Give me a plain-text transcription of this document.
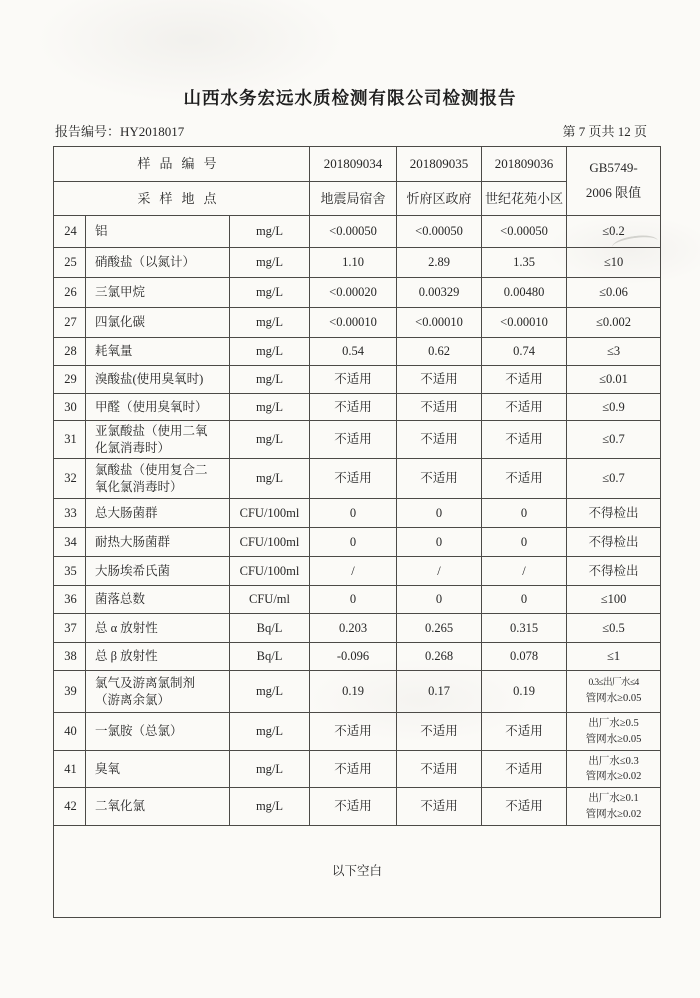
山西水务宏远水质检测有限公司检测报告
报告编号：HY2018017	第 7 页共 12 页
样品编号			201809034	201809035	201809036	GB5749-
2006 限值

采样地点			地震局宿舍	忻府区政府	世纪花苑小区	
24	铝	mg/L	<0.00050	<0.00050	<0.00050	≤0.2
25	硝酸盐（以氮计）	mg/L	1.10	2.89	1.35	≤10
26	三氯甲烷	mg/L	<0.00020	0.00329	0.00480	≤0.06
27	四氯化碳	mg/L	<0.00010	<0.00010	<0.00010	≤0.002
28	耗氧量	mg/L	0.54	0.62	0.74	≤3
29	溴酸盐(使用臭氧时)	mg/L	不适用	不适用	不适用	≤0.01
30	甲醛（使用臭氧时）	mg/L	不适用	不适用	不适用	≤0.9
31	亚氯酸盐（使用二氧
化氯消毒时）	mg/L	不适用	不适用	不适用	≤0.7
32	氯酸盐（使用复合二
氧化氯消毒时）	mg/L	不适用	不适用	不适用	≤0.7
33	总大肠菌群	CFU/100ml	0	0	0	不得检出
34	耐热大肠菌群	CFU/100ml	0	0	0	不得检出
35	大肠埃希氏菌	CFU/100ml	/	/	/	不得检出
36	菌落总数	CFU/ml	0	0	0	≤100
37	总 α 放射性	Bq/L	0.203	0.265	0.315	≤0.5
38	总 β 放射性	Bq/L	-0.096	0.268	0.078	≤1
39	氯气及游离氯制剂
（游离余氯）	mg/L	0.19	0.17	0.19	0.3≤出厂水≤4
管网水≥0.05

40	一氯胺（总氯）	mg/L	不适用	不适用	不适用	出厂水≥0.5
管网水≥0.05

41	臭氧	mg/L	不适用	不适用	不适用	出厂水≤0.3
管网水≥0.02

42	二氧化氯	mg/L	不适用	不适用	不适用	出厂水≥0.1
管网水≥0.02

以下空白						
